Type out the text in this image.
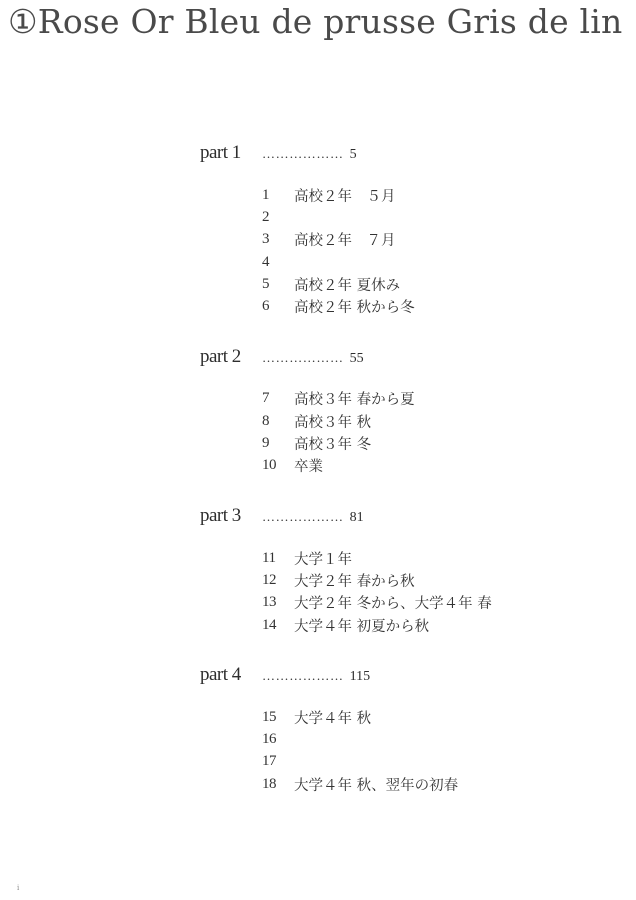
①Rose Or Bleu de prusse Gris de lin
part 1	……………… 5
1	高校２年　５月
2
3	高校２年　７月
4
5	高校２年 夏休み
6	高校２年 秋から冬
part 2	……………… 55
7	高校３年 春から夏
8	高校３年 秋
9	高校３年 冬
10	卒業
part 3	……………… 81
11	大学１年
12	大学２年 春から秋
13	大学２年 冬から、大学４年 春
14	大学４年 初夏から秋
part 4	……………… 115
15	大学４年 秋
16
17
18	大学４年 秋、翌年の初春
i
